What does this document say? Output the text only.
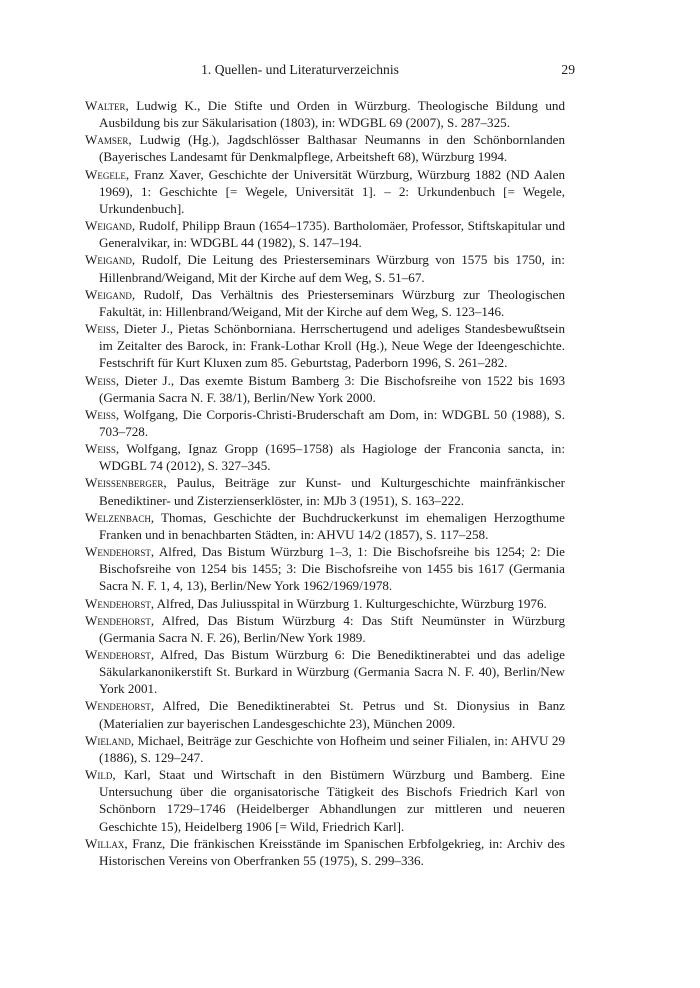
1. Quellen- und Literaturverzeichnis	29

Walter, Ludwig K., Die Stifte und Orden in Würzburg. Theologische Bildung und Ausbildung bis zur Säkularisation (1803), in: WDGBL 69 (2007), S. 287–325.

Wamser, Ludwig (Hg.), Jagdschlösser Balthasar Neumanns in den Schönbornlanden (Bayerisches Landesamt für Denkmalpflege, Arbeitsheft 68), Würzburg 1994.

Wegele, Franz Xaver, Geschichte der Universität Würzburg, Würzburg 1882 (ND Aalen 1969), 1: Geschichte [= Wegele, Universität 1]. – 2: Urkundenbuch [= Wegele, Urkundenbuch].

Weigand, Rudolf, Philipp Braun (1654–1735). Bartholomäer, Professor, Stiftskapitular und Generalvikar, in: WDGBL 44 (1982), S. 147–194.

Weigand, Rudolf, Die Leitung des Priesterseminars Würzburg von 1575 bis 1750, in: Hillenbrand/Weigand, Mit der Kirche auf dem Weg, S. 51–67.

Weigand, Rudolf, Das Verhältnis des Priesterseminars Würzburg zur Theologischen Fakultät, in: Hillenbrand/Weigand, Mit der Kirche auf dem Weg, S. 123–146.

Weiss, Dieter J., Pietas Schönborniana. Herrschertugend und adeliges Standesbewußtsein im Zeitalter des Barock, in: Frank-Lothar Kroll (Hg.), Neue Wege der Ideengeschichte. Festschrift für Kurt Kluxen zum 85. Geburtstag, Paderborn 1996, S. 261–282.

Weiss, Dieter J., Das exemte Bistum Bamberg 3: Die Bischofsreihe von 1522 bis 1693 (Germania Sacra N. F. 38/1), Berlin/New York 2000.

Weiss, Wolfgang, Die Corporis-Christi-Bruderschaft am Dom, in: WDGBL 50 (1988), S. 703–728.

Weiss, Wolfgang, Ignaz Gropp (1695–1758) als Hagiologe der Franconia sancta, in: WDGBL 74 (2012), S. 327–345.

Weissenberger, Paulus, Beiträge zur Kunst- und Kulturgeschichte mainfränkischer Benediktiner- und Zisterzienserklöster, in: MJb 3 (1951), S. 163–222.

Welzenbach, Thomas, Geschichte der Buchdruckerkunst im ehemaligen Herzogthume Franken und in benachbarten Städten, in: AHVU 14/2 (1857), S. 117–258.

Wendehorst, Alfred, Das Bistum Würzburg 1–3, 1: Die Bischofsreihe bis 1254; 2: Die Bischofsreihe von 1254 bis 1455; 3: Die Bischofsreihe von 1455 bis 1617 (Germania Sacra N. F. 1, 4, 13), Berlin/New York 1962/1969/1978.

Wendehorst, Alfred, Das Juliusspital in Würzburg 1. Kulturgeschichte, Würzburg 1976.

Wendehorst, Alfred, Das Bistum Würzburg 4: Das Stift Neumünster in Würzburg (Germania Sacra N. F. 26), Berlin/New York 1989.

Wendehorst, Alfred, Das Bistum Würzburg 6: Die Benediktinerabtei und das adelige Säkularkanonikerstift St. Burkard in Würzburg (Germania Sacra N. F. 40), Berlin/New York 2001.

Wendehorst, Alfred, Die Benediktinerabtei St. Petrus und St. Dionysius in Banz (Materialien zur bayerischen Landesgeschichte 23), München 2009.

Wieland, Michael, Beiträge zur Geschichte von Hofheim und seiner Filialen, in: AHVU 29 (1886), S. 129–247.

Wild, Karl, Staat und Wirtschaft in den Bistümern Würzburg und Bamberg. Eine Untersuchung über die organisatorische Tätigkeit des Bischofs Friedrich Karl von Schönborn 1729–1746 (Heidelberger Abhandlungen zur mittleren und neueren Geschichte 15), Heidelberg 1906 [= Wild, Friedrich Karl].

Willax, Franz, Die fränkischen Kreisstände im Spanischen Erbfolgekrieg, in: Archiv des Historischen Vereins von Oberfranken 55 (1975), S. 299–336.
